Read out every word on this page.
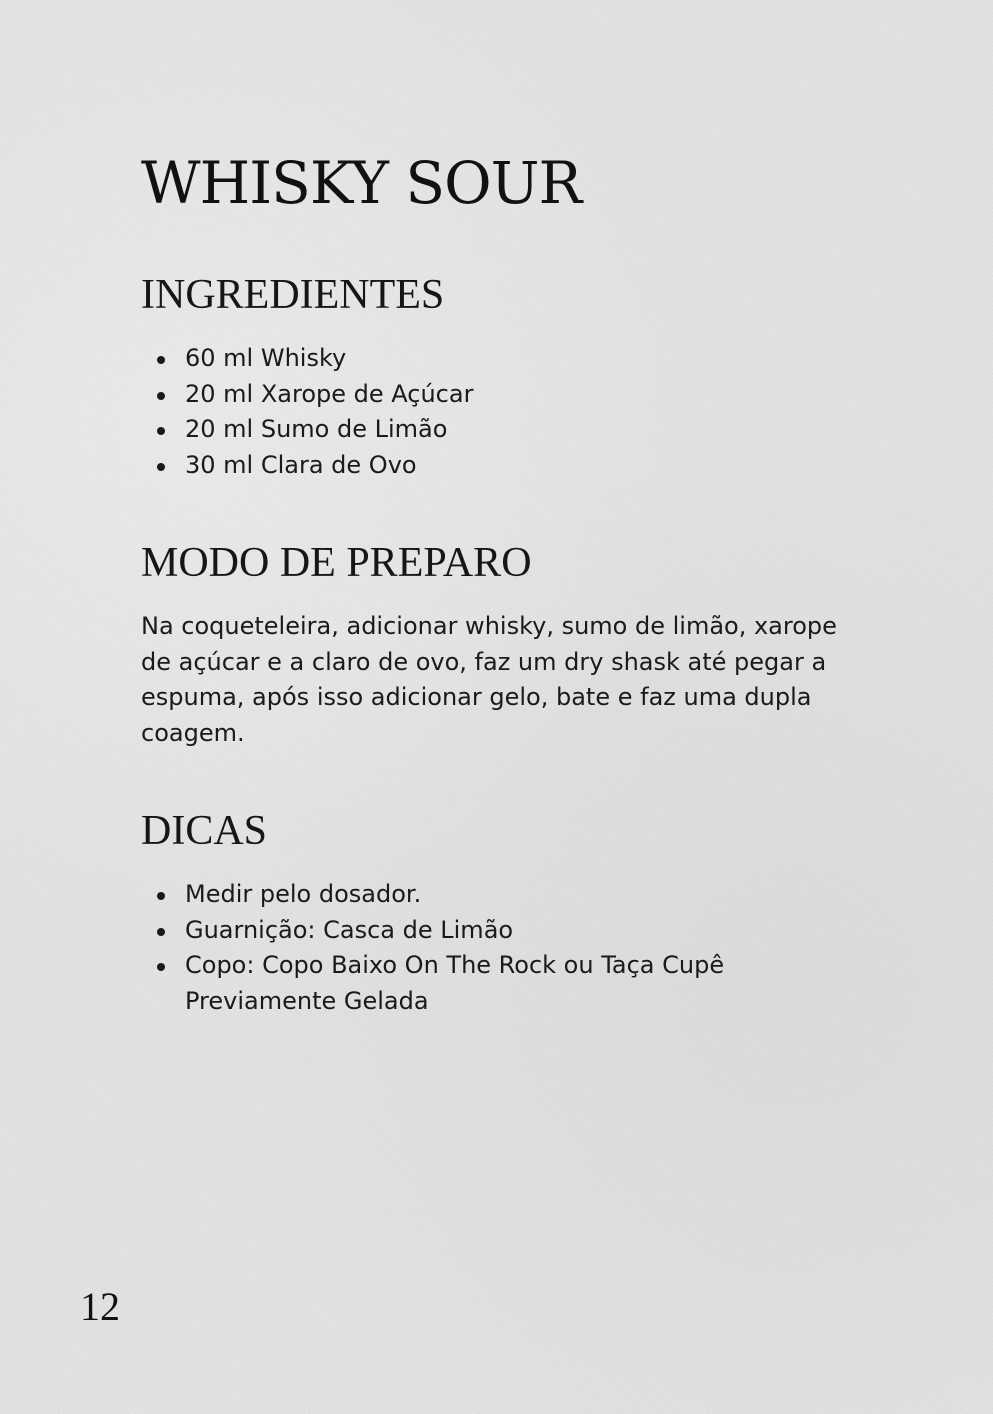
WHISKY SOUR
INGREDIENTES
60 ml Whisky
20 ml Xarope de Açúcar
20 ml Sumo de Limão
30 ml Clara de Ovo
MODO DE PREPARO

Na coqueteleira, adicionar whisky, sumo de limão, xarope de açúcar e a claro de ovo, faz um dry shask até pegar a espuma, após isso adicionar gelo, bate e faz uma dupla coagem.

DICAS
Medir pelo dosador.
Guarnição: Casca de Limão
Copo: Copo Baixo On The Rock ou Taça Cupê Previamente Gelada
12
